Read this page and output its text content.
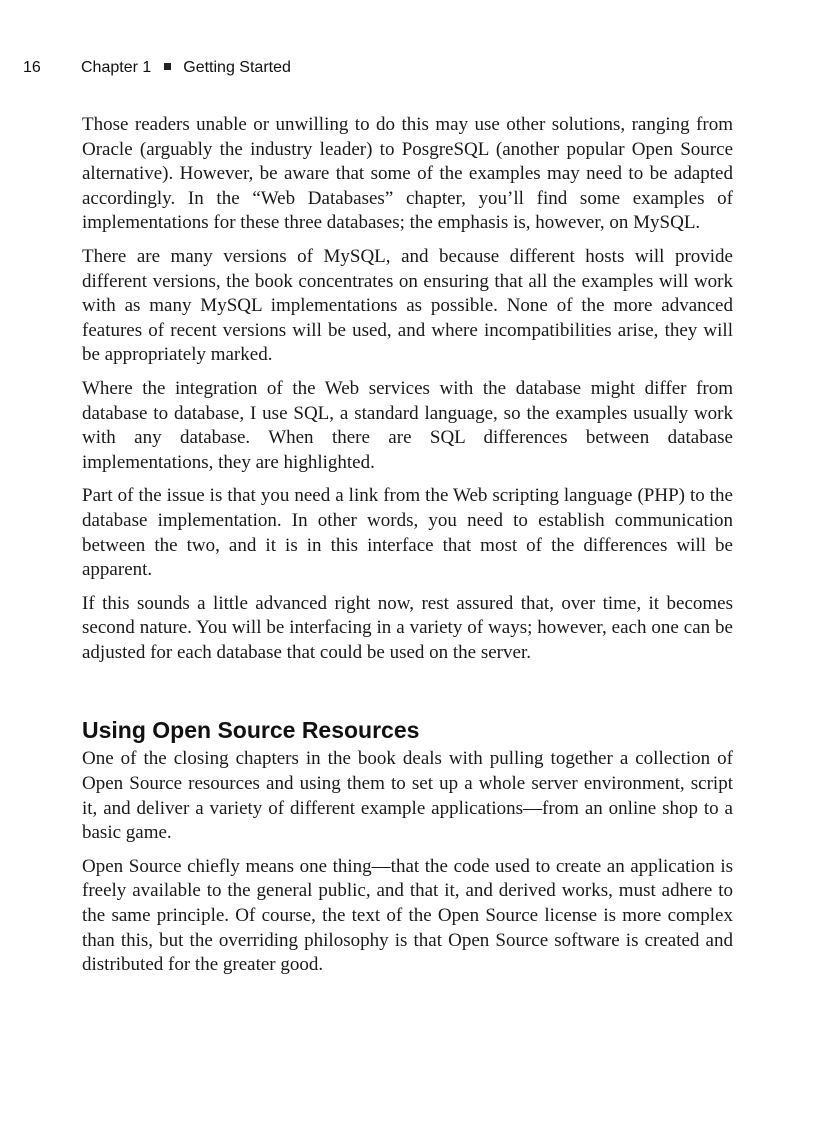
16	Chapter 1 Getting Started

Those readers unable or unwilling to do this may use other solutions, ranging from Oracle (arguably the industry leader) to PosgreSQL (another popular Open Source alternative). However, be aware that some of the examples may need to be adapted accordingly. In the “Web Databases” chapter, you’ll find some examples of implementations for these three databases; the emphasis is, however, on MySQL.

There are many versions of MySQL, and because different hosts will provide different versions, the book concentrates on ensuring that all the examples will work with as many MySQL implementations as possible. None of the more advanced features of recent versions will be used, and where incompatibilities arise, they will be appropriately marked.

Where the integration of the Web services with the database might differ from database to database, I use SQL, a standard language, so the examples usually work with any database. When there are SQL differences between database implementations, they are highlighted.

Part of the issue is that you need a link from the Web scripting language (PHP) to the database implementation. In other words, you need to establish communication between the two, and it is in this interface that most of the differences will be apparent.

If this sounds a little advanced right now, rest assured that, over time, it becomes second nature. You will be interfacing in a variety of ways; however, each one can be adjusted for each database that could be used on the server.

Using Open Source Resources

One of the closing chapters in the book deals with pulling together a collection of Open Source resources and using them to set up a whole server environment, script it, and deliver a variety of different example applications—from an online shop to a basic game.

Open Source chiefly means one thing—that the code used to create an application is freely available to the general public, and that it, and derived works, must adhere to the same principle. Of course, the text of the Open Source license is more complex than this, but the overriding philosophy is that Open Source software is created and distributed for the greater good.
